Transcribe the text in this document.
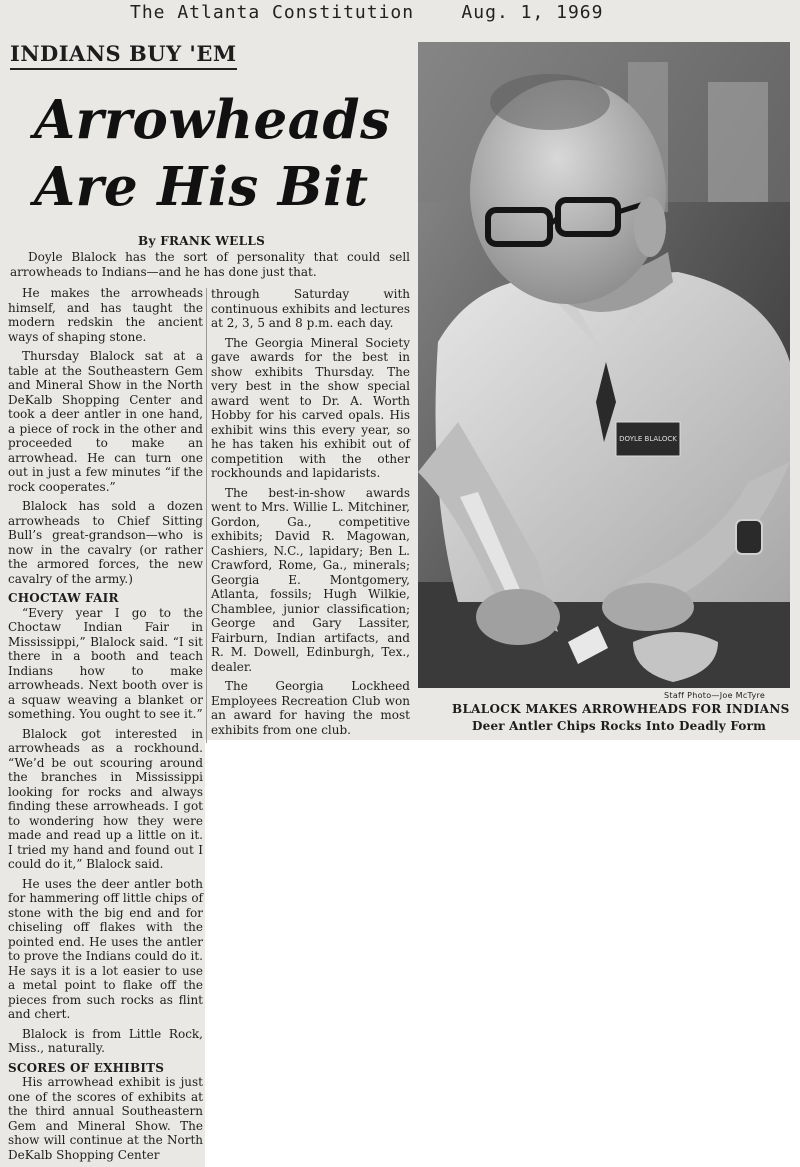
The Atlanta Constitution    Aug. 1, 1969
INDIANS BUY 'EM
Arrowheads
Are His Bit
By FRANK WELLS
Doyle Blalock has the sort of personality that could sell arrowheads to Indians—and he has done just that.

He makes the arrowheads himself, and has taught the modern redskin the ancient ways of shaping stone.

Thursday Blalock sat at a table at the Southeastern Gem and Mineral Show in the North DeKalb Shopping Center and took a deer antler in one hand, a piece of rock in the other and proceeded to make an arrowhead. He can turn one out in just a few minutes “if the rock cooperates.”

Blalock has sold a dozen arrowheads to Chief Sitting Bull’s great-grandson—who is now in the cavalry (or rather the armored forces, the new cavalry of the army.)

CHOCTAW FAIR

“Every year I go to the Choctaw Indian Fair in Mississippi,” Blalock said. “I sit there in a booth and teach Indians how to make arrowheads. Next booth over is a squaw weaving a blanket or something. You ought to see it.”

Blalock got interested in arrowheads as a rockhound. “We’d be out scouring around the branches in Mississippi looking for rocks and always finding these arrowheads. I got to wondering how they were made and read up a little on it. I tried my hand and found out I could do it,” Blalock said.

He uses the deer antler both for hammering off little chips of stone with the big end and for chiseling off flakes with the pointed end. He uses the antler to prove the Indians could do it. He says it is a lot easier to use a metal point to flake off the pieces from such rocks as flint and chert.

Blalock is from Little Rock, Miss., naturally.

SCORES OF EXHIBITS

His arrowhead exhibit is just one of the scores of exhibits at the third annual Southeastern Gem and Mineral Show. The show will continue at the North DeKalb Shopping Center

through Saturday with continuous exhibits and lectures at 2, 3, 5 and 8 p.m. each day.

The Georgia Mineral Society gave awards for the best in show exhibits Thursday. The very best in the show special award went to Dr. A. Worth Hobby for his carved opals. His exhibit wins this every year, so he has taken his exhibit out of competition with the other rockhounds and lapidarists.

The best-in-show awards went to Mrs. Willie L. Mitchiner, Gordon, Ga., competitive exhibits; David R. Magowan, Cashiers, N.C., lapidary; Ben L. Crawford, Rome, Ga., minerals; Georgia E. Montgomery, Atlanta, fossils; Hugh Wilkie, Chamblee, junior classification; George and Gary Lassiter, Fairburn, Indian artifacts, and R. M. Dowell, Edinburgh, Tex., dealer.

The Georgia Lockheed Employees Recreation Club won an award for having the most exhibits from one club.

DOYLE BLALOCK
Staff Photo—Joe McTyre
BLALOCK MAKES ARROWHEADS FOR INDIANS
Deer Antler Chips Rocks Into Deadly Form
